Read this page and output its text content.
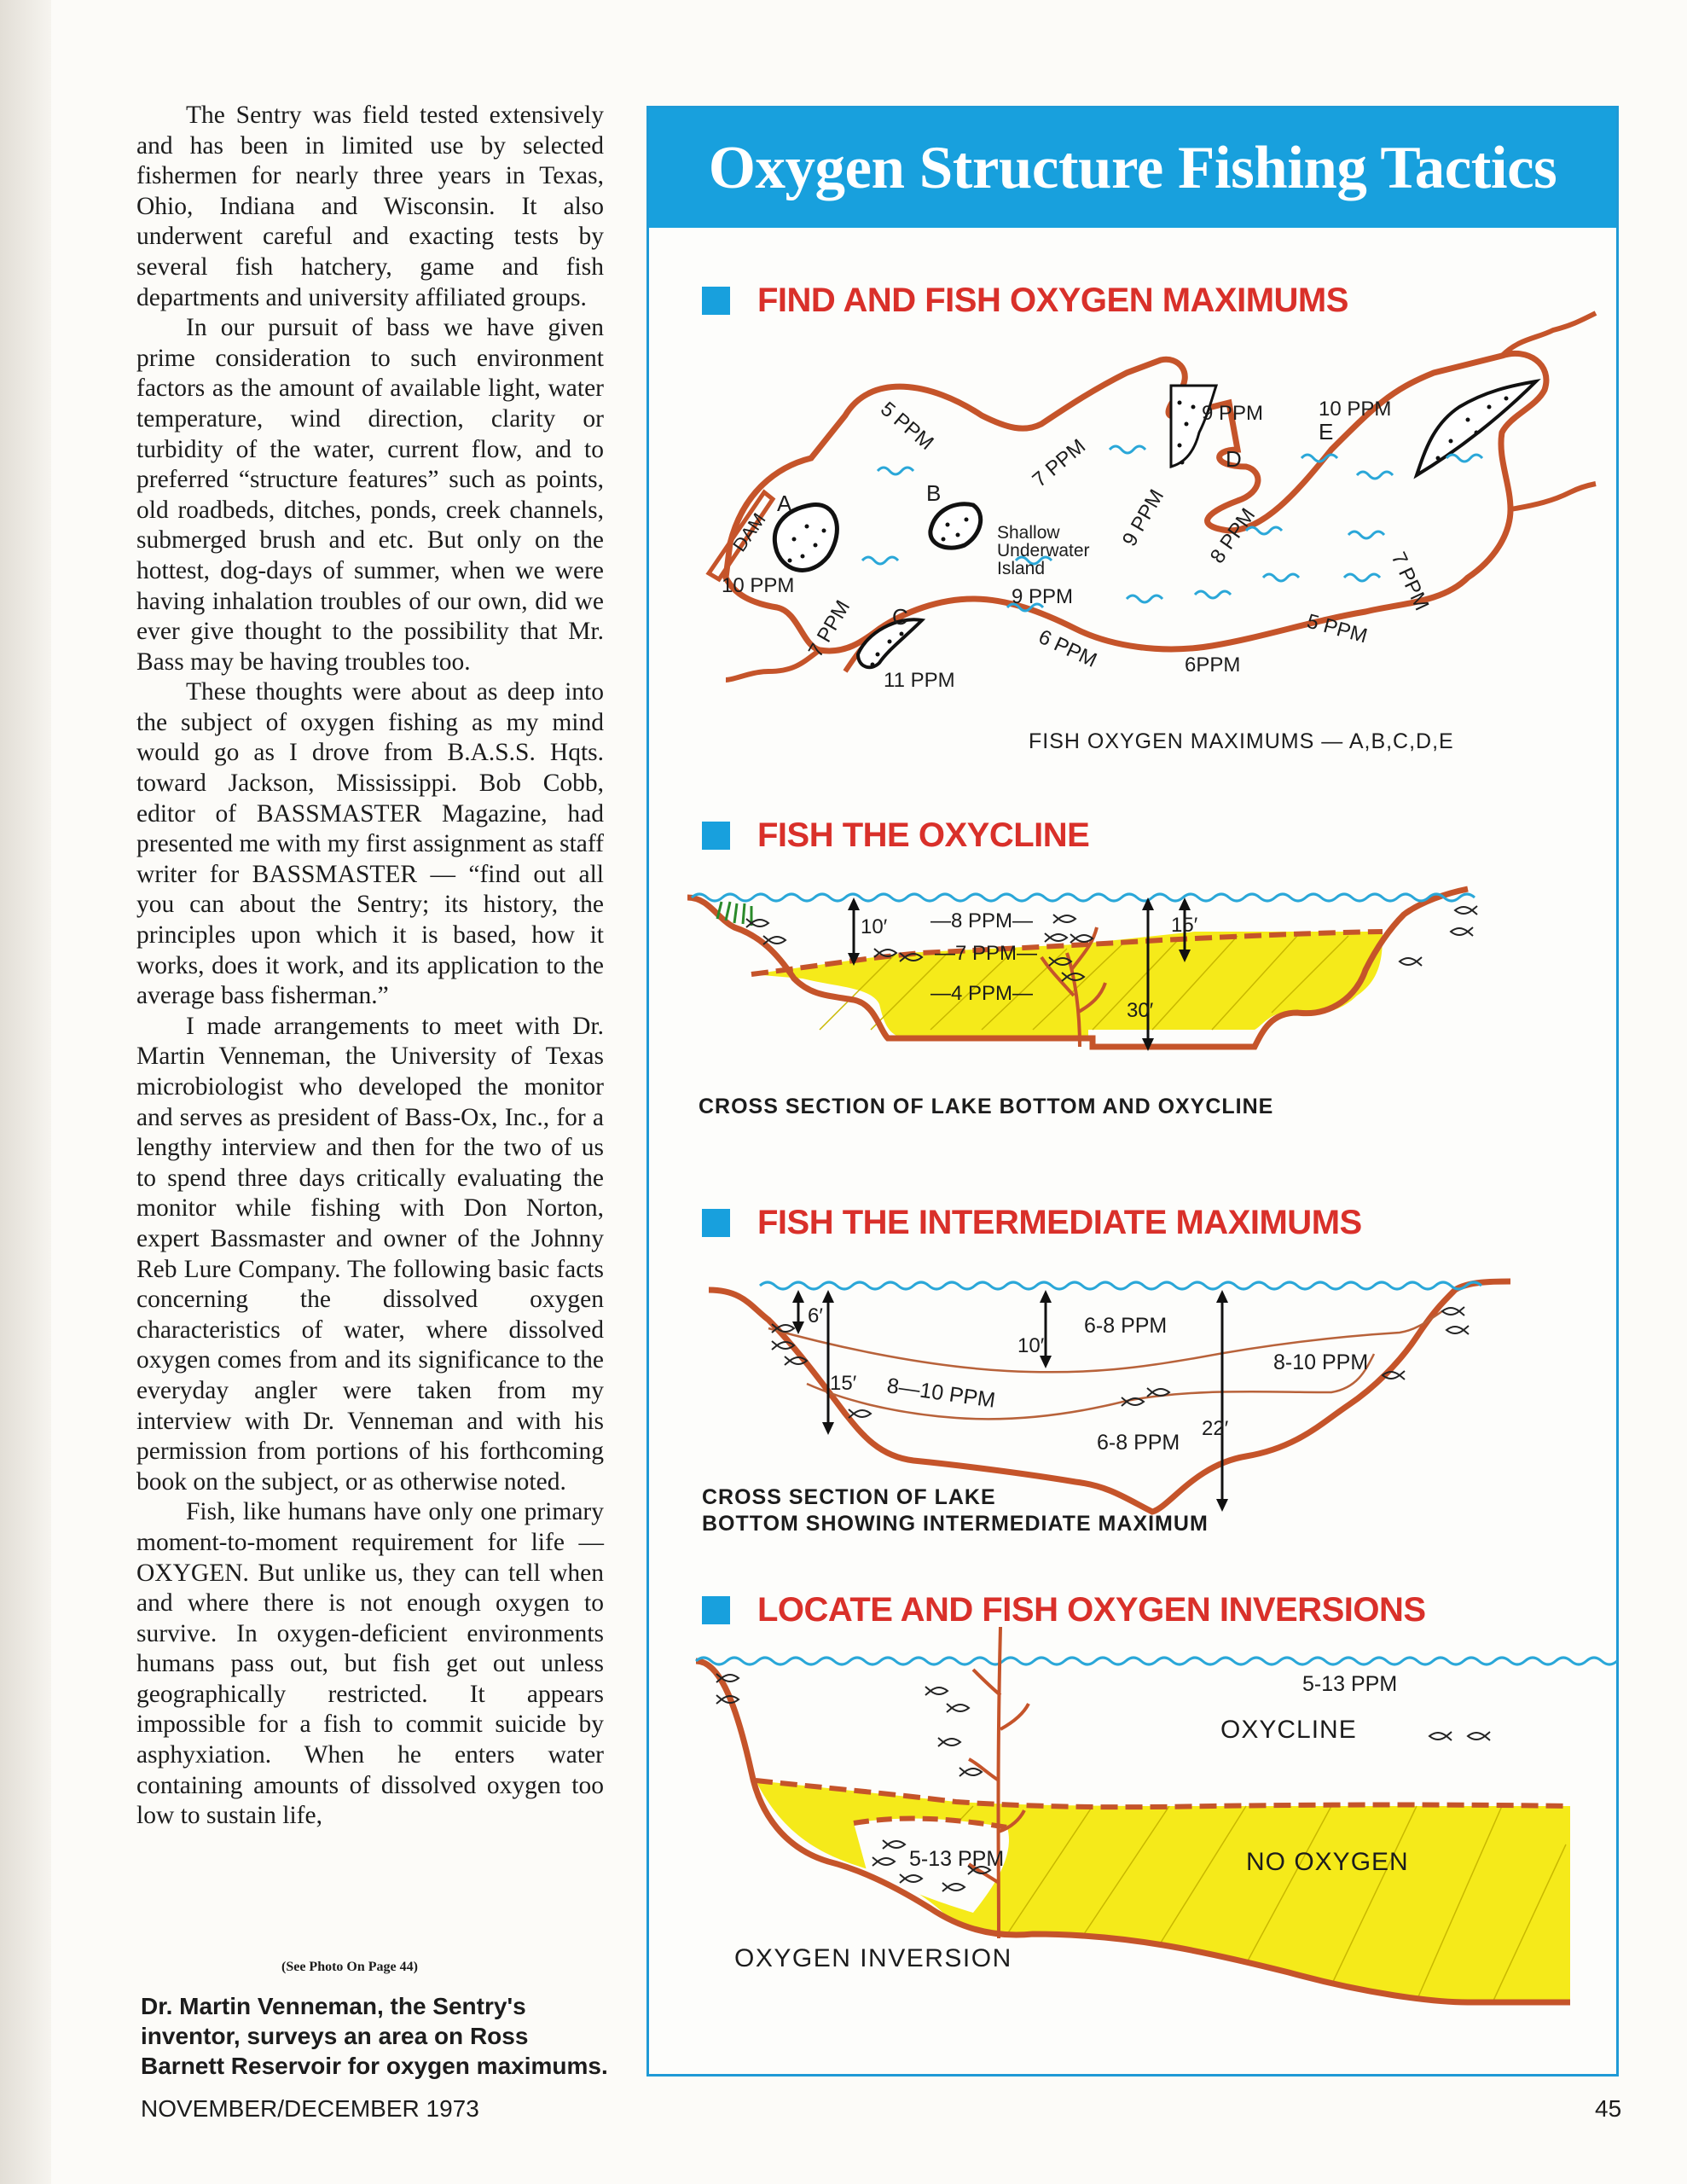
The Sentry was field tested extensively and has been in limited use by selected fishermen for nearly three years in Texas, Ohio, Indiana and Wisconsin. It also underwent careful and exacting tests by several fish hatchery, game and fish departments and university affiliated groups.

In our pursuit of bass we have given prime consideration to such environment factors as the amount of available light, water temperature, wind direction, clarity or turbidity of the water, current flow, and to preferred “structure features” such as points, old roadbeds, ditches, ponds, creek channels, submerged brush and etc. But only on the hottest, dog-days of summer, when we were having inhalation troubles of our own, did we ever give thought to the possibility that Mr. Bass may be having troubles too.

These thoughts were about as deep into the subject of oxygen fishing as my mind would go as I drove from B.A.S.S. Hqts. toward Jackson, Mississippi. Bob Cobb, editor of BASSMASTER Magazine, had presented me with my first assignment as staff writer for BASSMASTER — “find out all you can about the Sentry; its history, the principles upon which it is based, how it works, does it work, and its application to the average bass fisherman.”

I made arrangements to meet with Dr. Martin Venneman, the University of Texas microbiologist who developed the monitor and serves as president of Bass-Ox, Inc., for a lengthy interview and then for the two of us to spend three days critically evaluating the monitor while fishing with Don Norton, expert Bassmaster and owner of the Johnny Reb Lure Company. The following basic facts concerning the dissolved oxygen characteristics of water, where dissolved oxygen comes from and its significance to the everyday angler were taken from my interview with Dr. Venneman and with his permission from portions of his forthcoming book on the subject, or as otherwise noted.

Fish, like humans have only one primary moment-to-moment requirement for life — OXYGEN. But unlike us, they can tell when and where there is not enough oxygen to survive. In oxygen-deficient environments humans pass out, but fish get out unless geographically restricted. It appears impossible for a fish to commit suicide by asphyxiation. When he enters water containing amounts of dissolved oxygen too low to sustain life,

(See Photo On Page 44)
Dr. Martin Venneman, the Sentry's inventor, surveys an area on Ross Barnett Reservoir for oxygen maximums.
NOVEMBER/DECEMBER 1973	45
Oxygen Structure Fishing Tactics
FIND AND FISH OXYGEN MAXIMUMS
DAM
A	B
C
D
E
5 PPM
7 PPM
9 PPM	10 PPM
9 PPM 8 PPM
7 PPM
5 PPM
6PPM
6 PPM
11 PPM
7 PPM
10 PPM	9 PPM
Shallow
Underwater
Island
FISH OXYGEN MAXIMUMS — A,B,C,D,E
FISH THE OXYCLINE
10′	15′
30′
—8 PPM—
—7 PPM—
—4 PPM—
CROSS SECTION OF LAKE BOTTOM AND OXYCLINE
FISH THE INTERMEDIATE MAXIMUMS
6′
10′
15′
22′
6-8 PPM
8—10 PPM
8-10 PPM
6-8 PPM
CROSS SECTION OF LAKE
BOTTOM SHOWING INTERMEDIATE MAXIMUM
LOCATE AND FISH OXYGEN INVERSIONS
5-13 PPM
OXYCLINE
5-13 PPM	NO OXYGEN
OXYGEN INVERSION
